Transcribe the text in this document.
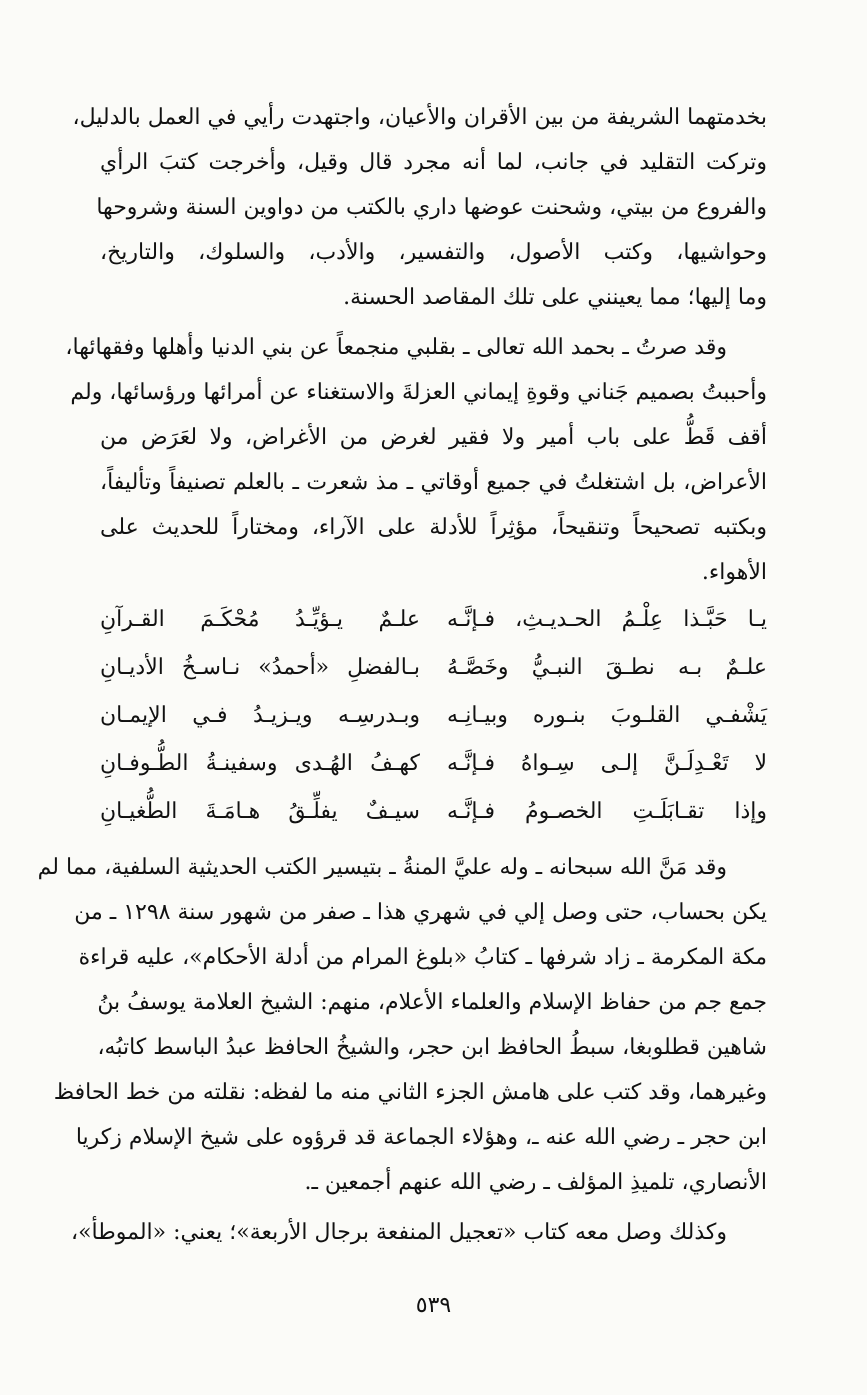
بخدمتهما الشريفة من بين الأقران والأعيان، واجتهدت رأيي في العمل بالدليل،
وتركت التقليد في جانب، لما أنه مجرد قال وقيل، وأخرجت كتبَ الرأي
والفروع من بيتي، وشحنت عوضها داري بالكتب من دواوين السنة وشروحها
وحواشيها، وكتب الأصول، والتفسير، والأدب، والسلوك، والتاريخ،
وما إليها؛ مما يعينني على تلك المقاصد الحسنة.
وقد صرتُ ـ بحمد الله تعالى ـ بقلبي منجمعاً عن بني الدنيا وأهلها وفقهائها،
وأحببتُ بصميم جَناني وقوةِ إيماني العزلةَ والاستغناء عن أمرائها ورؤسائها، ولم
أقف قَطُّ على باب أمير ولا فقير لغرض من الأغراض، ولا لعَرَض من
الأعراض، بل اشتغلتُ في جميع أوقاتي ـ مذ شعرت ـ بالعلم تصنيفاً وتأليفاً،
وبكتبه تصحيحاً وتنقيحاً، مؤثِراً للأدلة على الآراء، ومختاراً للحديث على
الأهواء.
يـا حَبَّـذا عِلْـمُ الحـديـثِ، فـإنَّـه
علـمٌ يـؤيِّـدُ مُحْكَـمَ القـرآنِ
علـمٌ بـه نطـقَ النبـيُّ وخَصَّـهُ
بـالفضلِ «أحمدُ» نـاسـخُ الأديـانِ
يَشْفـي القلـوبَ بنـوره وبيـانِـه
وبـدرسِـه ويـزيـدُ فـي الإيمـان
لا تَعْـدِلَـنَّ إلـى سِـواهُ فـإنَّـه
كهـفُ الهُـدى وسفينـةُ الطُّـوفـانِ
وإذا تقـابَلَـتِ الخصـومُ فـإنَّـه
سيـفٌ يفلِّـقُ هـامَـةَ الطُّغيـانِ
وقد مَنَّ الله سبحانه ـ وله عليَّ المنةُ ـ بتيسير الكتب الحديثية السلفية، مما لم
يكن بحساب، حتى وصل إلي في شهري هذا ـ صفر من شهور سنة ١٢٩٨ ـ من
مكة المكرمة ـ زاد شرفها ـ كتابُ «بلوغ المرام من أدلة الأحكام»، عليه قراءة
جمع جم من حفاظ الإسلام والعلماء الأعلام، منهم: الشيخ العلامة يوسفُ بنُ
شاهين قطلوبغا، سبطُ الحافظ ابن حجر، والشيخُ الحافظ عبدُ الباسط كاتبُه،
وغيرهما، وقد كتب على هامش الجزء الثاني منه ما لفظه: نقلته من خط الحافظ
ابن حجر ـ رضي الله عنه ـ، وهؤلاء الجماعة قد قرؤوه على شيخ الإسلام زكريا
الأنصاري، تلميذِ المؤلف ـ رضي الله عنهم أجمعين ـ.
وكذلك وصل معه كتاب «تعجيل المنفعة برجال الأربعة»؛ يعني: «الموطأ»،
٥٣٩
